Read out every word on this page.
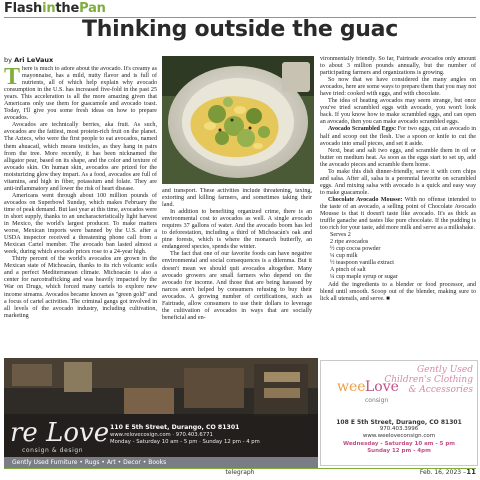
FlashinthePan
Thinking outside the guac
by Ari LeVaux

There is much to adore about the avocado. It's creamy as mayonnaise, has a mild, nutty flavor and is full of nutrients, all of which help explain why avocado consumption in the U.S. has increased five-fold in the past 25 years. This acceleration is all the more amazing given that Americans only use them for guacamole and avocado toast. Today, I'll give you some fresh ideas on how to prepare avocados.

Avocados are technically berries, aka fruit. As such, avocados are the fattiest, most protein-rich fruit on the planet. The Aztecs, who were the first people to eat avocados, named them ahuacatl, which means testicles, as they hang in pairs from the tree. More recently, it has been nicknamed the alligator pear, based on its shape, and the color and texture of avocado skin. On human skin, avocados are prized for the moisturizing glow they impart. As a food, avocados are full of vitamins, and high in fiber, potassium and folate. They are anti-inflammatory and lower the risk of heart disease.

Americans went through about 100 million pounds of avocados on Superbowl Sunday, which makes February the time of peak demand. But last year at this time, avocados were in short supply, thanks to an uncharacteristically light harvest in Mexico, the world's largest producer. To make matters worse, Mexican imports were banned by the U.S. after a USDA inspector received a threatening phone call from a Mexican Cartel member. The avocado ban lasted almost a week, during which avocado prices rose to a 24-year high.

Thirty percent of the world's avocados are grown in the Mexican state of Michoacán, thanks to its rich volcanic soils and a perfect Mediterranean climate. Michoacán is also a center for narcotrafficking and was heavily impacted by the War on Drugs, which forced many cartels to explore new income streams. Avocados became known as "green gold" and a focus of cartel activities. The criminal gangs got involved in all levels of the avocado industry, including cultivation, marketing

and transport. These activities include threatening, taxing, extorting and killing farmers, and sometimes taking their land.

In addition to benefiting organized crime, there is an environmental cost to avocados as well. A single avocado requires 37 gallons of water. And the avocado boom has led to deforestation, including a third of Michoacán's oak and pine forests, which is where the monarch butterfly, an endangered species, spends the winter.

The fact that one of our favorite foods can have negative environmental and social consequences is a dilemma. But it doesn't mean we should quit avocados altogether. Many avocado growers are small farmers who depend on the avocado for income. And those that are being harassed by narcos aren't helped by consumers refusing to buy their avocados. A growing number of certifications, such as Fairtrade, allow consumers to use their dollars to leverage the cultivation of avocados in ways that are socially beneficial and en-

vironmentally friendly. So far, Fairtrade avocados only amount to about 3 million pounds annually, but the number of participating farmers and organizations is growing.

So now that we have considered the many angles on avocados, here are some ways to prepare them that you may not have tried: cooked with eggs, and with chocolate.

The idea of heating avocados may seem strange, but once you've tried scrambled eggs with avocado, you won't look back. If you know how to make scrambled eggs, and can open an avocado, then you can make avocado scrambled eggs.

Avocado Scrambled Eggs: For two eggs, cut an avocado in half and scoop out the flesh. Use a spoon or knife to cut the avocado into small pieces, and set it aside.

Next, beat and salt two eggs, and scramble them in oil or butter on medium heat. As soon as the eggs start to set up, add the avocado pieces and scramble them home.

To make this dish dinner-friendly, serve it with corn chips and salsa. After all, salsa is a perennial favorite on scrambled eggs. And mixing salsa with avocado is a quick and easy way to make guacamole.

Chocolate Avocado Mousse: With no offense intended to the taste of an avocado, a selling point of Chocolate Avocado Mousse is that it doesn't taste like avocado. It's as thick as truffle ganache and tastes like pure chocolate. If the pudding is too rich for your taste, add more milk and serve as a milkshake.

Serves 2

2 ripe avocados

½ cup cocoa powder

¼ cup milk

½ teaspoon vanilla extract

A pinch of salt

¼ cup maple syrup or sugar

Add the ingredients to a blender or food processor, and blend until smooth. Scoop out of the blender, making sure to lick all utensils, and serve. ■

re Love
consign & design
110 E 5th Street, Durango, CO 81301
www.relovecosign.com · 970.403.6771
Monday - Saturday 10 am - 5 pm · Sunday 12 pm - 4 pm
Gently Used Furniture • Rugs • Art • Decor • Books
wee Love
consign
Gently Used Children's Clothing & Accessories
108 E 5th Street, Durango, CO 81301
970.403.3996
www.weeloveconsign.com
Wednesday - Saturday 10 am - 5 pm
Sunday 12 pm - 4pm
telegraph	Feb. 16, 2023 – 11
